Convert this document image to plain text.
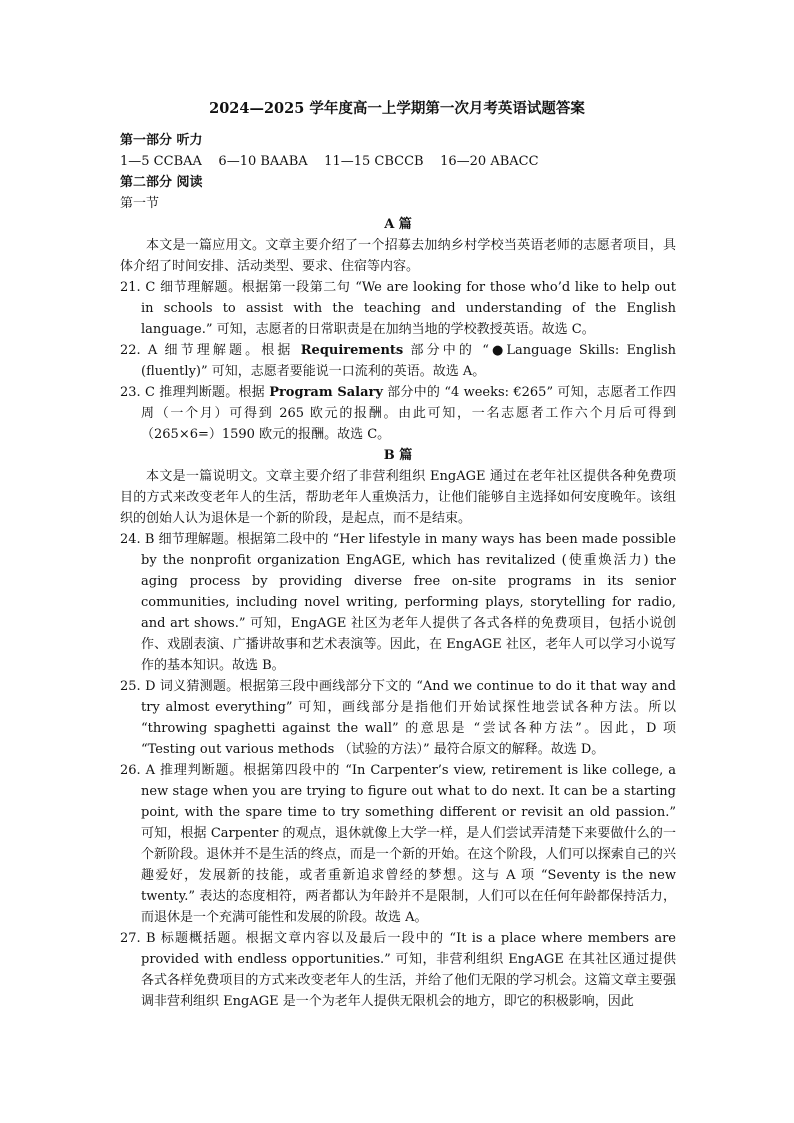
2024—2025 学年度高一上学期第一次月考英语试题答案

第一部分 听力

1—5 CCBAA    6—10 BAABA    11—15 CBCCB    16—20 ABACC

第二部分 阅读

第一节

A 篇

本文是一篇应用文。文章主要介绍了一个招募去加纳乡村学校当英语老师的志愿者项目，具体介绍了时间安排、活动类型、要求、住宿等内容。

21. C 细节理解题。根据第一段第二句 “We are looking for those who’d like to help out in schools to assist with the teaching and understanding of the English language.” 可知，志愿者的日常职责是在加纳当地的学校教授英语。故选 C。

22. A 细节理解题。根据 Requirements 部分中的 “●Language Skills: English (fluently)” 可知，志愿者要能说一口流利的英语。故选 A。

23. C 推理判断题。根据 Program Salary 部分中的 “4 weeks: €265” 可知，志愿者工作四周（一个月）可得到 265 欧元的报酬。由此可知，一名志愿者工作六个月后可得到（265×6=）1590 欧元的报酬。故选 C。

B 篇

本文是一篇说明文。文章主要介绍了非营利组织 EngAGE 通过在老年社区提供各种免费项目的方式来改变老年人的生活，帮助老年人重焕活力，让他们能够自主选择如何安度晚年。该组织的创始人认为退休是一个新的阶段，是起点，而不是结束。

24. B 细节理解题。根据第二段中的 “Her lifestyle in many ways has been made possible by the nonprofit organization EngAGE, which has revitalized (使重焕活力) the aging process by providing diverse free on-site programs in its senior communities, including novel writing, performing plays, storytelling for radio, and art shows.” 可知，EngAGE 社区为老年人提供了各式各样的免费项目，包括小说创作、戏剧表演、广播讲故事和艺术表演等。因此，在 EngAGE 社区，老年人可以学习小说写作的基本知识。故选 B。

25. D 词义猜测题。根据第三段中画线部分下文的 “And we continue to do it that way and try almost everything” 可知，画线部分是指他们开始试探性地尝试各种方法。所以 “throwing spaghetti against the wall” 的意思是 “尝试各种方法”。因此，D 项 “Testing out various methods （试验的方法）” 最符合原文的解释。故选 D。

26. A 推理判断题。根据第四段中的 “In Carpenter’s view, retirement is like college, a new stage when you are trying to figure out what to do next. It can be a starting point, with the spare time to try something different or revisit an old passion.” 可知，根据 Carpenter 的观点，退休就像上大学一样，是人们尝试弄清楚下来要做什么的一个新阶段。退休并不是生活的终点，而是一个新的开始。在这个阶段，人们可以探索自己的兴趣爱好，发展新的技能，或者重新追求曾经的梦想。这与 A 项 “Seventy is the new twenty.” 表达的态度相符，两者都认为年龄并不是限制，人们可以在任何年龄都保持活力，而退休是一个充满可能性和发展的阶段。故选 A。

27. B 标题概括题。根据文章内容以及最后一段中的 “It is a place where members are provided with endless opportunities.” 可知，非营利组织 EngAGE 在其社区通过提供各式各样免费项目的方式来改变老年人的生活，并给了他们无限的学习机会。这篇文章主要强调非营利组织 EngAGE 是一个为老年人提供无限机会的地方，即它的积极影响，因此
